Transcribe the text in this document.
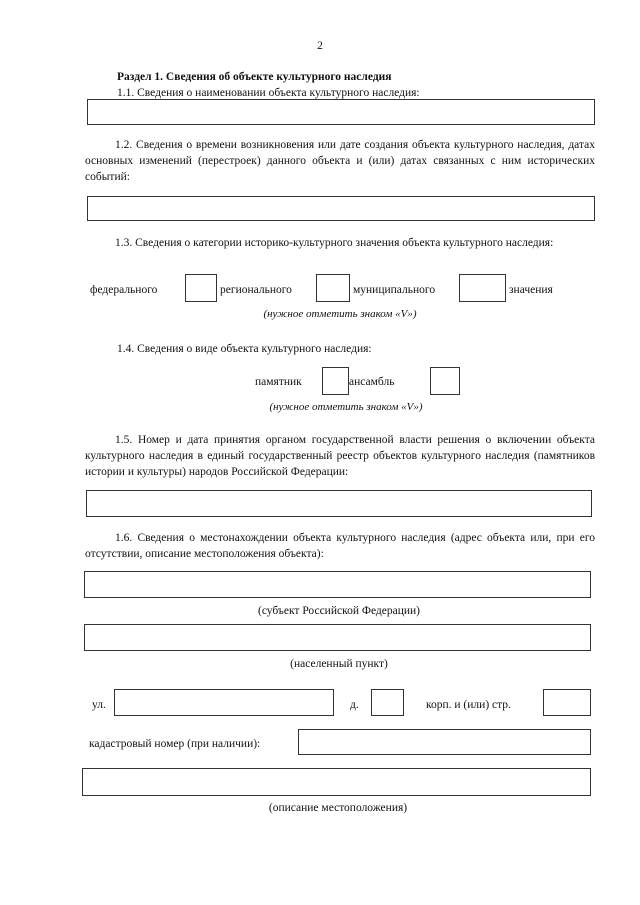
2
Раздел 1. Сведения об объекте культурного наследия
1.1. Сведения о наименовании объекта культурного наследия:
1.2. Сведения о времени возникновения или дате создания объекта культурного наследия, датах основных изменений (перестроек) данного объекта и (или) датах связанных с ним исторических событий:
1.3. Сведения о категории историко-культурного значения объекта культурного наследия:
федерального	регионального	муниципального	значения
(нужное отметить знаком «V»)
1.4. Сведения о виде объекта культурного наследия:
памятник	ансамбль
(нужное отметить знаком «V»)
1.5. Номер и дата принятия органом государственной власти решения о включении объекта культурного наследия в единый государственный реестр объектов культурного наследия (памятников истории и культуры) народов Российской Федерации:
1.6. Сведения о местонахождении объекта культурного наследия (адрес объекта или, при его отсутствии, описание местоположения объекта):
(субъект Российской Федерации)
(населенный пункт)
ул.	д.	корп. и (или) стр.
кадастровый номер (при наличии):
(описание местоположения)
